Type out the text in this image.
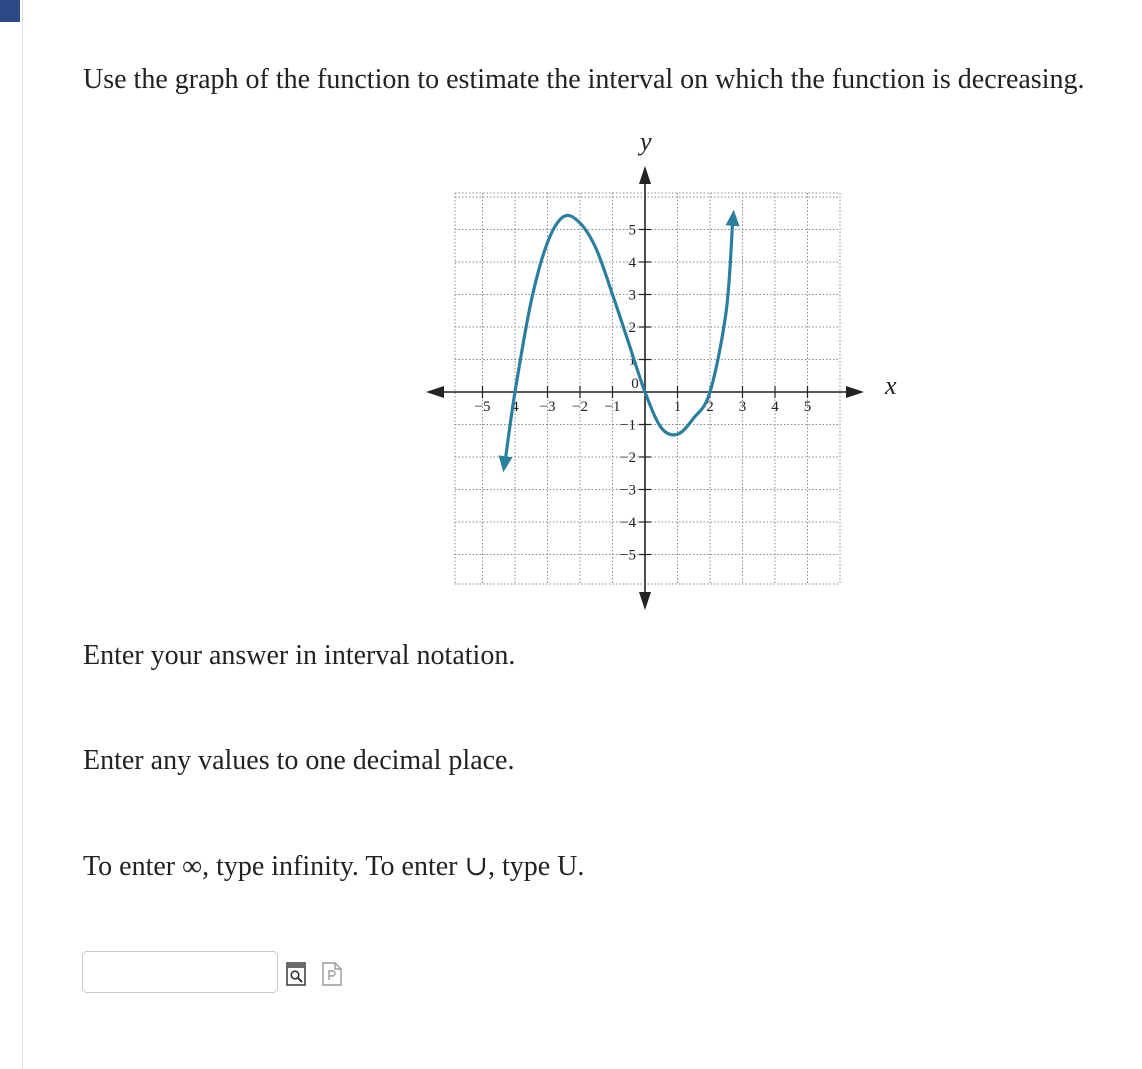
Use the graph of the function to estimate the interval on which the function is decreasing.
−5 4 −3 −2 −1
0
1 2 3 4 5
5
4
3
2
1
−1
−2
−3
−4
−5
x
y
Enter your answer in interval notation.
Enter any values to one decimal place.
To enter ∞, type infinity. To enter ∪, type U.
